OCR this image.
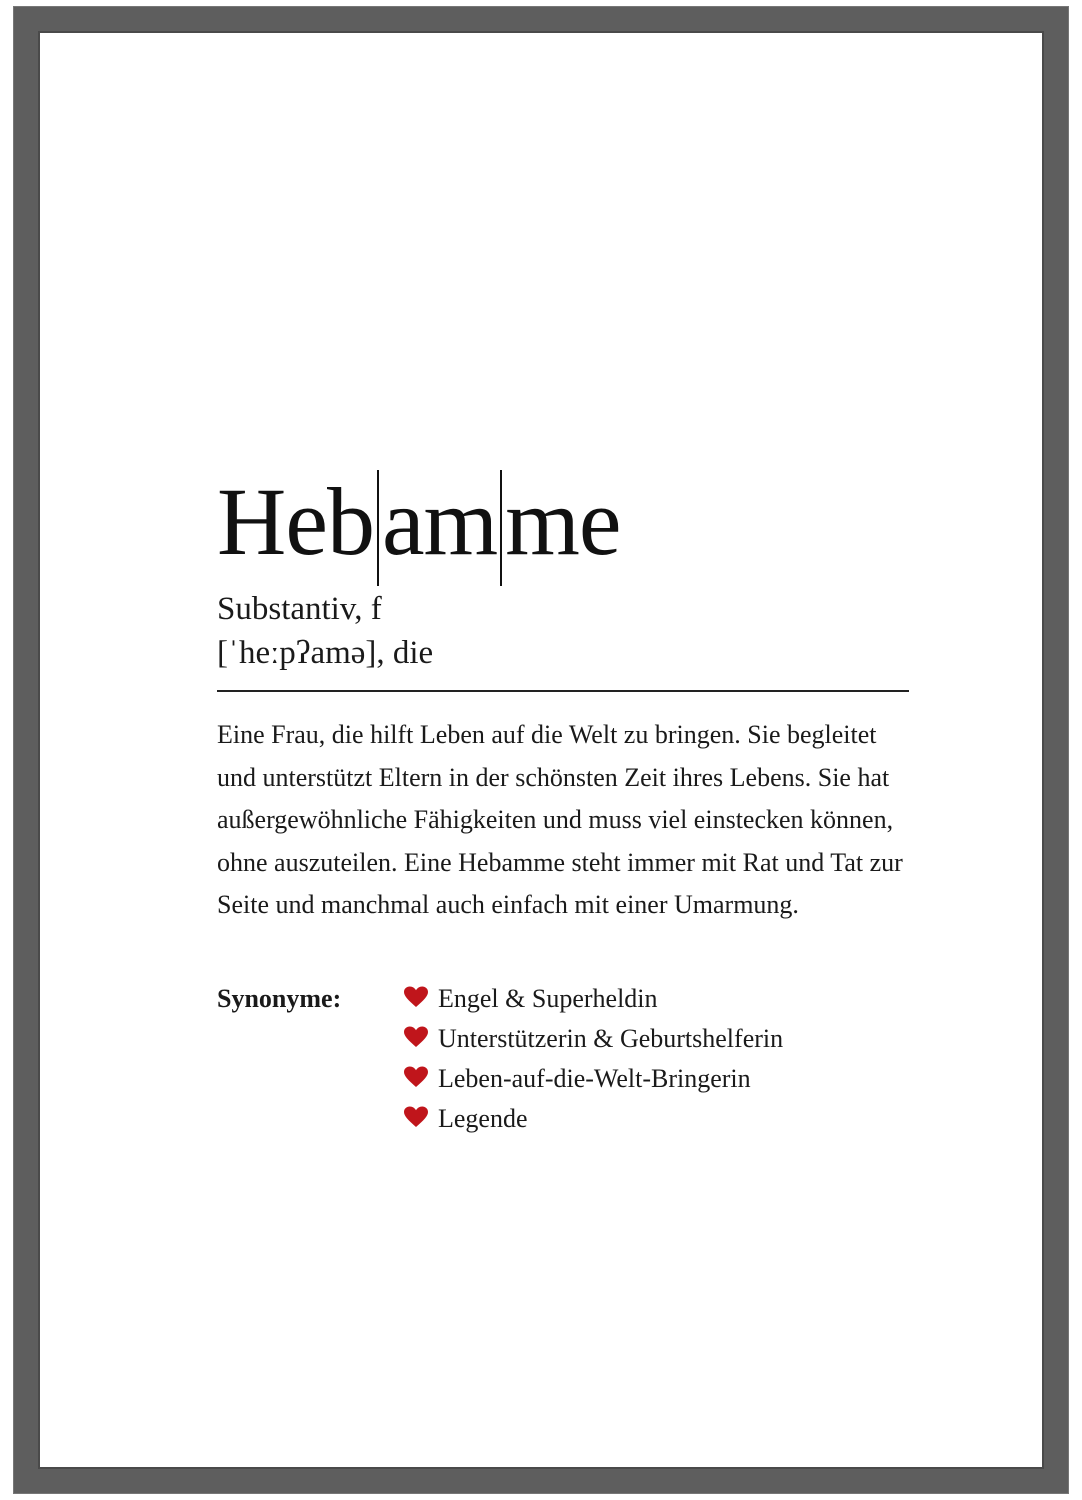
Hebamme
Substantiv, f
[ˈheːpʔamə], die
Eine Frau, die hilft Leben auf die Welt zu bringen. Sie begleitet und unterstützt Eltern in der schönsten Zeit ihres Lebens. Sie hat außergewöhnliche Fähigkeiten und muss viel einstecken können, ohne auszuteilen. Eine Hebamme steht immer mit Rat und Tat zur Seite und manchmal auch einfach mit einer Umarmung.
Synonyme:	Engel & Superheldin
Unterstützerin & Geburtshelferin
Leben-auf-die-Welt-Bringerin
Legende
